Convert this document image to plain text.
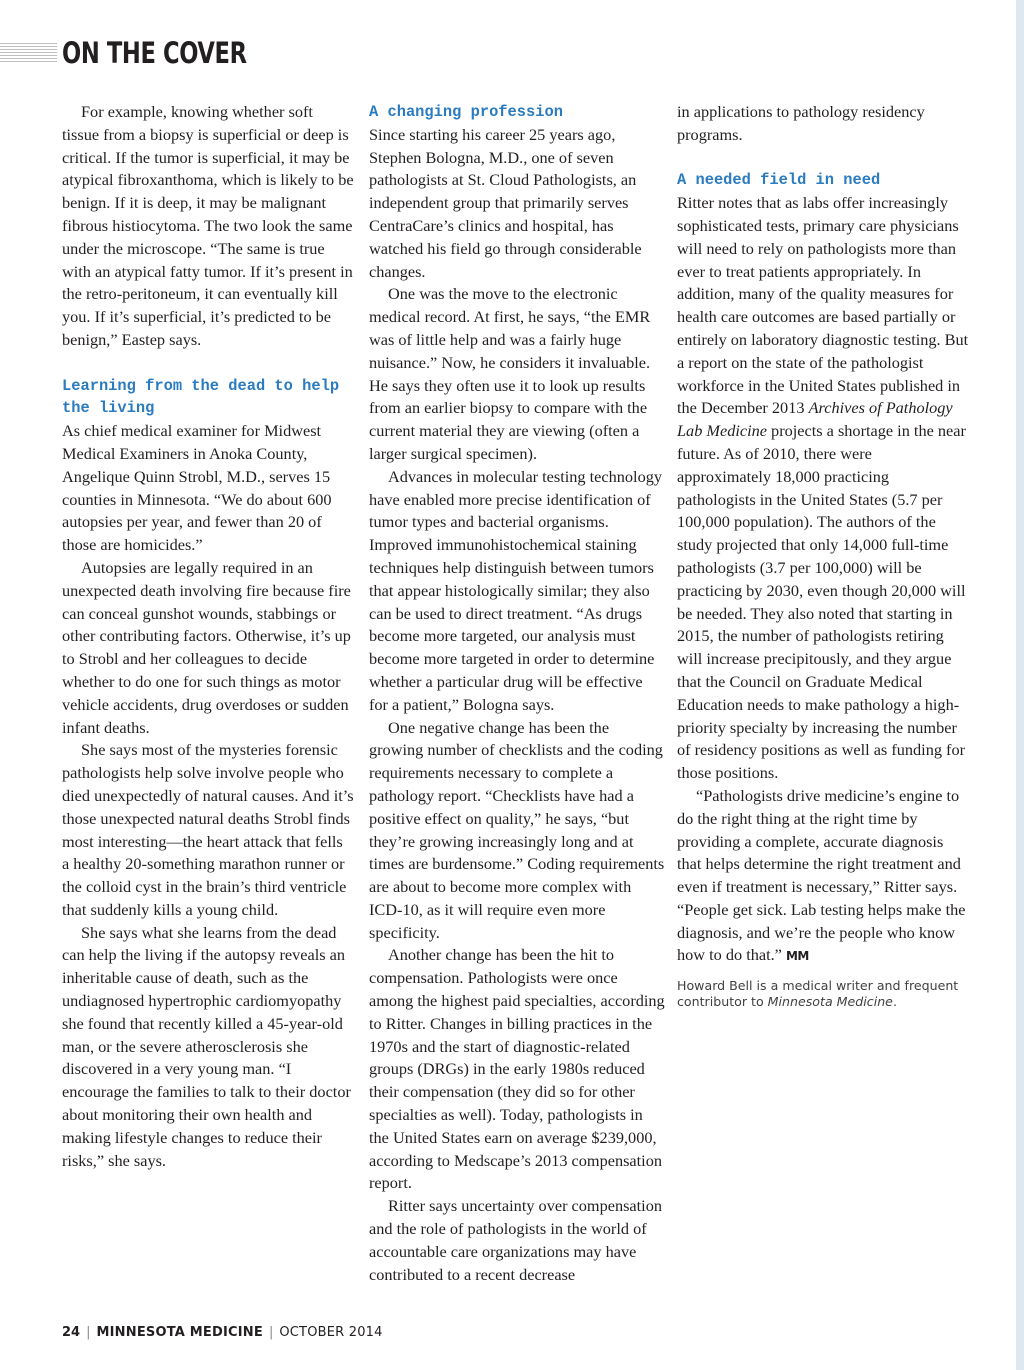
ON THE COVER

For example, knowing whether soft tissue from a biopsy is superficial or deep is critical. If the tumor is superficial, it may be atypical fibroxanthoma, which is likely to be benign. If it is deep, it may be malignant fibrous histiocytoma. The two look the same under the microscope. “The same is true with an atypical fatty tumor. If it’s present in the retro-peritoneum, it can eventually kill you. If it’s superficial, it’s predicted to be benign,” Eastep says.

Learning from the dead to help the living

As chief medical examiner for Midwest Medical Examiners in Anoka County, Angelique Quinn Strobl, M.D., serves 15 counties in Minnesota. “We do about 600 autopsies per year, and fewer than 20 of those are homicides.”

Autopsies are legally required in an unexpected death involving fire because fire can conceal gunshot wounds, stabbings or other contributing factors. Otherwise, it’s up to Strobl and her colleagues to decide whether to do one for such things as motor vehicle accidents, drug overdoses or sudden infant deaths.

She says most of the mysteries forensic pathologists help solve involve people who died unexpectedly of natural causes. And it’s those unexpected natural deaths Strobl finds most interesting—the heart attack that fells a healthy 20-something marathon runner or the colloid cyst in the brain’s third ventricle that suddenly kills a young child.

She says what she learns from the dead can help the living if the autopsy reveals an inheritable cause of death, such as the undiagnosed hypertrophic cardiomyopathy she found that recently killed a 45-year-old man, or the severe atherosclerosis she discovered in a very young man. “I encourage the families to talk to their doctor about monitoring their own health and making lifestyle changes to reduce their risks,” she says.

A changing profession

Since starting his career 25 years ago, Stephen Bologna, M.D., one of seven pathologists at St. Cloud Pathologists, an independent group that primarily serves CentraCare’s clinics and hospital, has watched his field go through considerable changes.

One was the move to the electronic medical record. At first, he says, “the EMR was of little help and was a fairly huge nuisance.” Now, he considers it invaluable. He says they often use it to look up results from an earlier biopsy to compare with the current material they are viewing (often a larger surgical specimen).

Advances in molecular testing technology have enabled more precise identification of tumor types and bacterial organisms. Improved immunohistochemical staining techniques help distinguish between tumors that appear histologically similar; they also can be used to direct treatment. “As drugs become more targeted, our analysis must become more targeted in order to determine whether a particular drug will be effective for a patient,” Bologna says.

One negative change has been the growing number of checklists and the coding requirements necessary to complete a pathology report. “Checklists have had a positive effect on quality,” he says, “but they’re growing increasingly long and at times are burdensome.” Coding requirements are about to become more complex with ICD-10, as it will require even more specificity.

Another change has been the hit to compensation. Pathologists were once among the highest paid specialties, according to Ritter. Changes in billing practices in the 1970s and the start of diagnostic-related groups (DRGs) in the early 1980s reduced their compensation (they did so for other specialties as well). Today, pathologists in the United States earn on average $239,000, according to Medscape’s 2013 compensation report.

Ritter says uncertainty over compensation and the role of pathologists in the world of accountable care organizations may have contributed to a recent decrease

in applications to pathology residency programs.

A needed field in need

Ritter notes that as labs offer increasingly sophisticated tests, primary care physicians will need to rely on pathologists more than ever to treat patients appropriately. In addition, many of the quality measures for health care outcomes are based partially or entirely on laboratory diagnostic testing. But a report on the state of the pathologist workforce in the United States published in the December 2013 Archives of Pathology Lab Medicine projects a shortage in the near future. As of 2010, there were approximately 18,000 practicing pathologists in the United States (5.7 per 100,000 population). The authors of the study projected that only 14,000 full-time pathologists (3.7 per 100,000) will be practicing by 2030, even though 20,000 will be needed. They also noted that starting in 2015, the number of pathologists retiring will increase precipitously, and they argue that the Council on Graduate Medical Education needs to make pathology a high-priority specialty by increasing the number of residency positions as well as funding for those positions.

“Pathologists drive medicine’s engine to do the right thing at the right time by providing a complete, accurate diagnosis that helps determine the right treatment and even if treatment is necessary,” Ritter says. “People get sick. Lab testing helps make the diagnosis, and we’re the people who know how to do that.” MM

Howard Bell is a medical writer and frequent contributor to Minnesota Medicine.
24 | MINNESOTA MEDICINE | OCTOBER 2014
